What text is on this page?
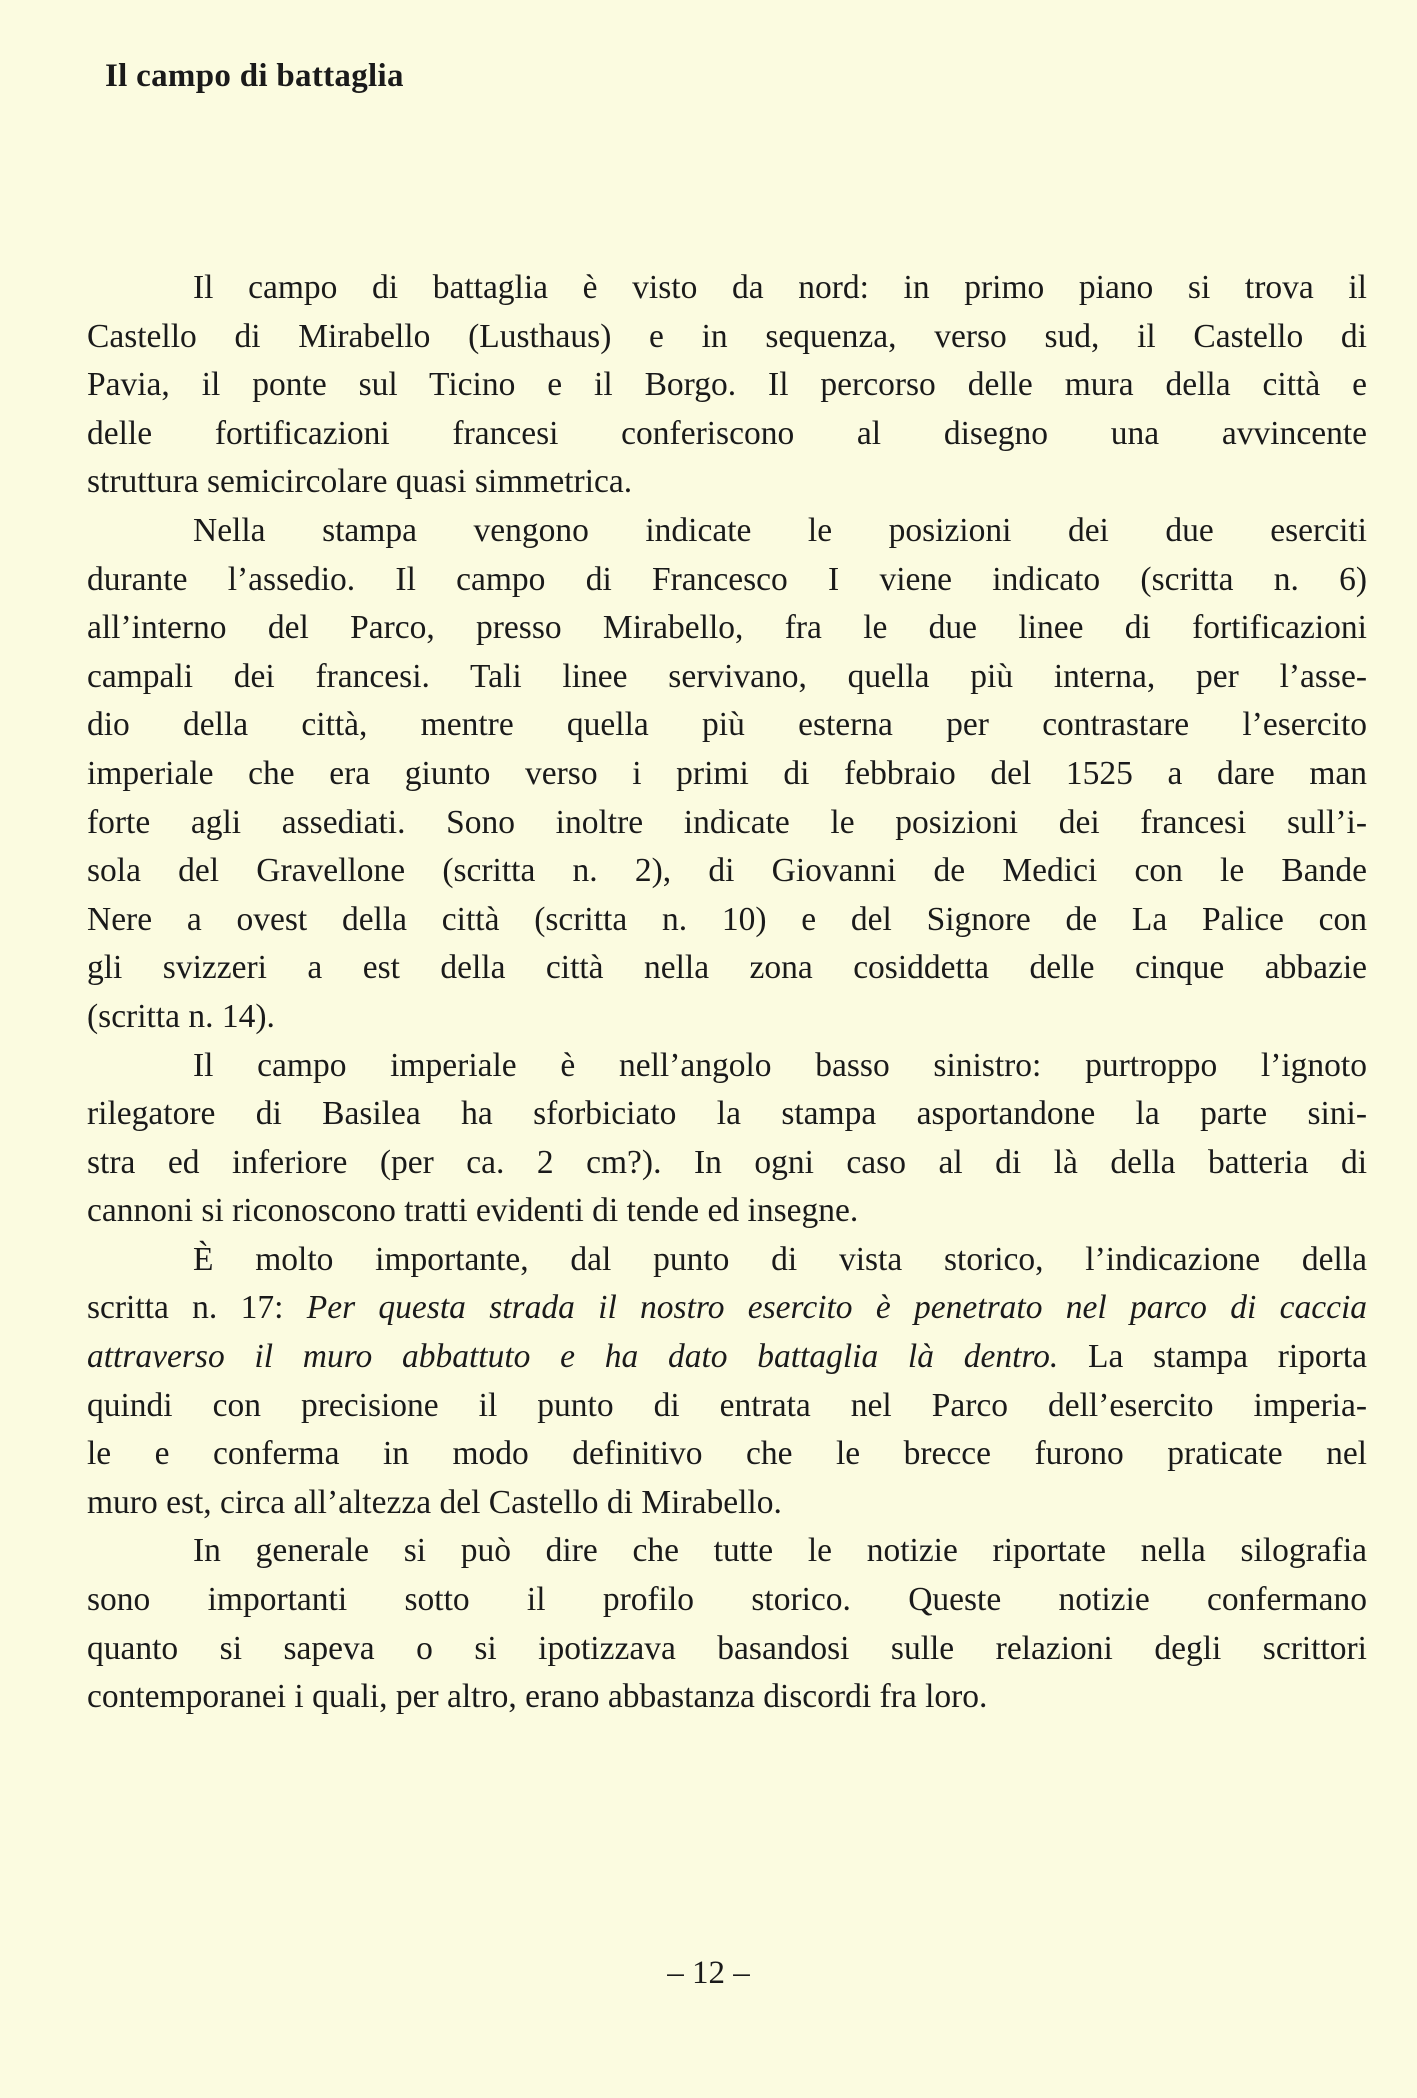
Il campo di battaglia

Il campo di battaglia è visto da nord: in primo piano si trova il
Castello di Mirabello (Lusthaus) e in sequenza, verso sud, il Castello di
Pavia, il ponte sul Ticino e il Borgo. Il percorso delle mura della città e
delle fortificazioni francesi conferiscono al disegno una avvincente
struttura semicircolare quasi simmetrica.

Nella stampa vengono indicate le posizioni dei due eserciti
durante l’assedio. Il campo di Francesco I viene indicato (scritta n. 6)
all’interno del Parco, presso Mirabello, fra le due linee di fortificazioni
campali dei francesi. Tali linee servivano, quella più interna, per l’asse-
dio della città, mentre quella più esterna per contrastare l’esercito
imperiale che era giunto verso i primi di febbraio del 1525 a dare man
forte agli assediati. Sono inoltre indicate le posizioni dei francesi sull’i-
sola del Gravellone (scritta n. 2), di Giovanni de Medici con le Bande
Nere a ovest della città (scritta n. 10) e del Signore de La Palice con
gli svizzeri a est della città nella zona cosiddetta delle cinque abbazie
(scritta n. 14).

Il campo imperiale è nell’angolo basso sinistro: purtroppo l’ignoto
rilegatore di Basilea ha sforbiciato la stampa asportandone la parte sini-
stra ed inferiore (per ca. 2 cm?). In ogni caso al di là della batteria di
cannoni si riconoscono tratti evidenti di tende ed insegne.

È molto importante, dal punto di vista storico, l’indicazione della
scritta n. 17: Per questa strada il nostro esercito è penetrato nel parco di caccia
attraverso il muro abbattuto e ha dato battaglia là dentro. La stampa riporta
quindi con precisione il punto di entrata nel Parco dell’esercito imperia-
le e conferma in modo definitivo che le brecce furono praticate nel
muro est, circa all’altezza del Castello di Mirabello.

In generale si può dire che tutte le notizie riportate nella silografia
sono importanti sotto il profilo storico. Queste notizie confermano
quanto si sapeva o si ipotizzava basandosi sulle relazioni degli scrittori
contemporanei i quali, per altro, erano abbastanza discordi fra loro.

– 12 –
